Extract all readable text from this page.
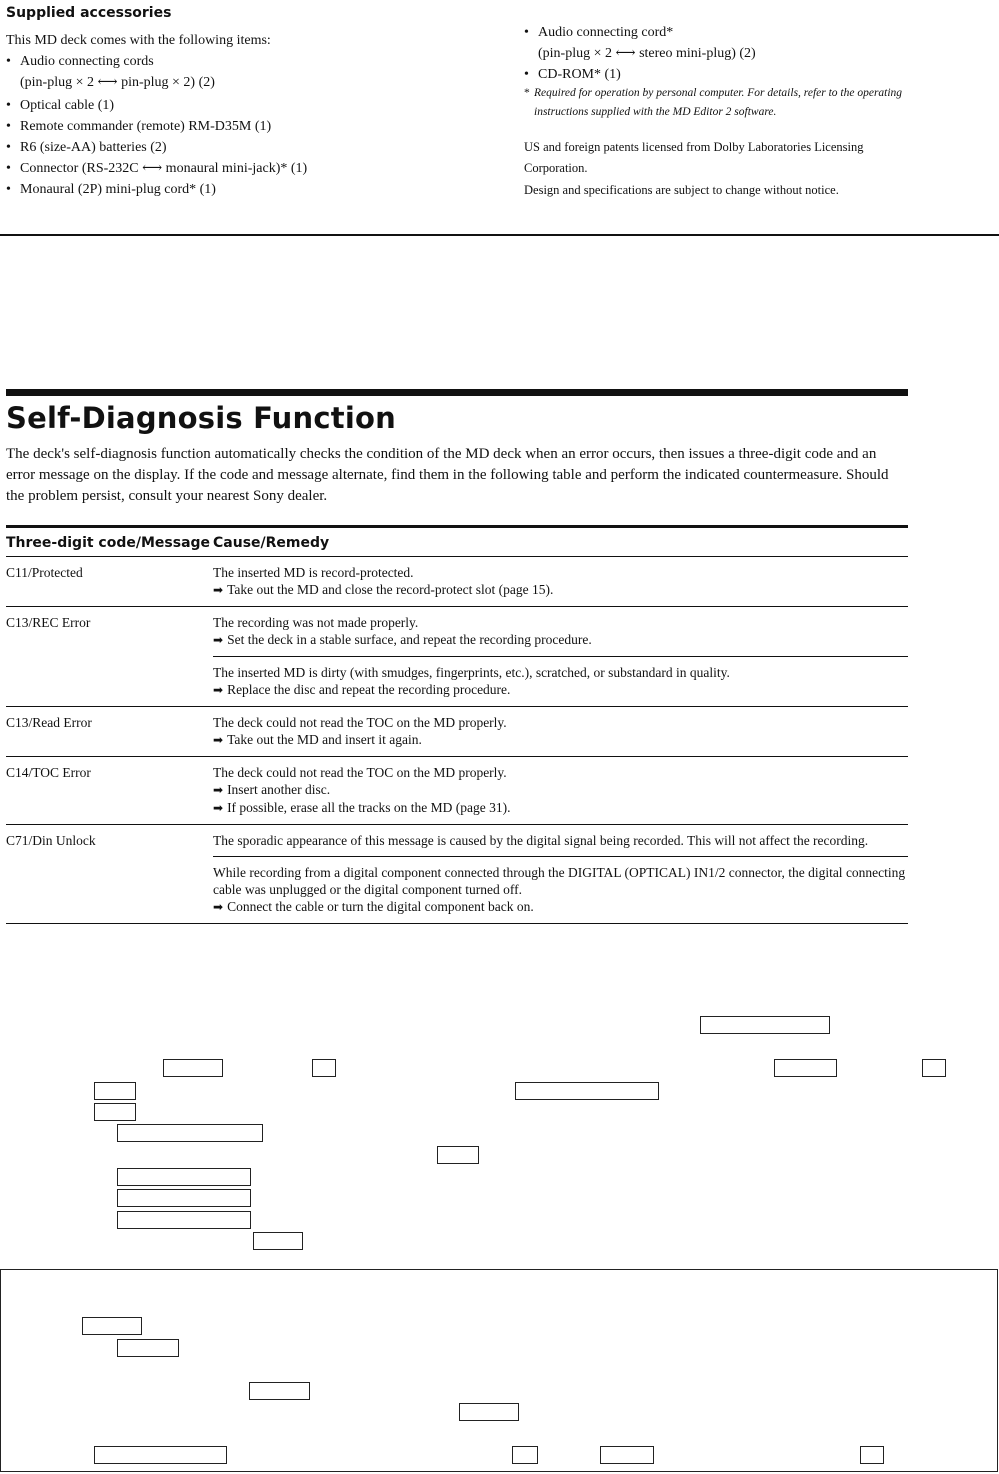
Supplied accessories
This MD deck comes with the following items:
• Audio connecting cords
(pin-plug × 2 ⟷ pin-plug × 2) (2)
• Optical cable (1)
• Remote commander (remote) RM-D35M (1)
• R6 (size-AA) batteries (2)
• Connector (RS-232C ⟷ monaural mini-jack)* (1)
• Monaural (2P) mini-plug cord* (1)
• Audio connecting cord*
(pin-plug × 2 ⟷ stereo mini-plug) (2)
• CD-ROM* (1)
* Required for operation by personal computer. For details, refer to the operating instructions supplied with the MD Editor 2 software.
US and foreign patents licensed from Dolby Laboratories Licensing Corporation.
Design and specifications are subject to change without notice.
Self-Diagnosis Function
The deck's self-diagnosis function automatically checks the condition of the MD deck when an error occurs, then issues a three-digit code and an error message on the display. If the code and message alternate, find them in the following table and perform the indicated countermeasure. Should the problem persist, consult your nearest Sony dealer.
Three-digit code/Message	Cause/Remedy
C11/Protected	The inserted MD is record-protected.
➡ Take out the MD and close the record-protect slot (page 15).

C13/REC Error	The recording was not made properly.
➡ Set the deck in a stable surface, and repeat the recording procedure.

	The inserted MD is dirty (with smudges, fingerprints, etc.), scratched, or substandard in quality.
➡ Replace the disc and repeat the recording procedure.

C13/Read Error	The deck could not read the TOC on the MD properly.
➡ Take out the MD and insert it again.

C14/TOC Error	The deck could not read the TOC on the MD properly.
➡ Insert another disc.
➡ If possible, erase all the tracks on the MD (page 31).

C71/Din Unlock	The sporadic appearance of this message is caused by the digital signal being recorded. This will not affect the recording.

	While recording from a digital component connected through the DIGITAL (OPTICAL) IN1/2 connector, the digital connecting cable was unplugged or the digital component turned off.
➡ Connect the cable or turn the digital component back on.
